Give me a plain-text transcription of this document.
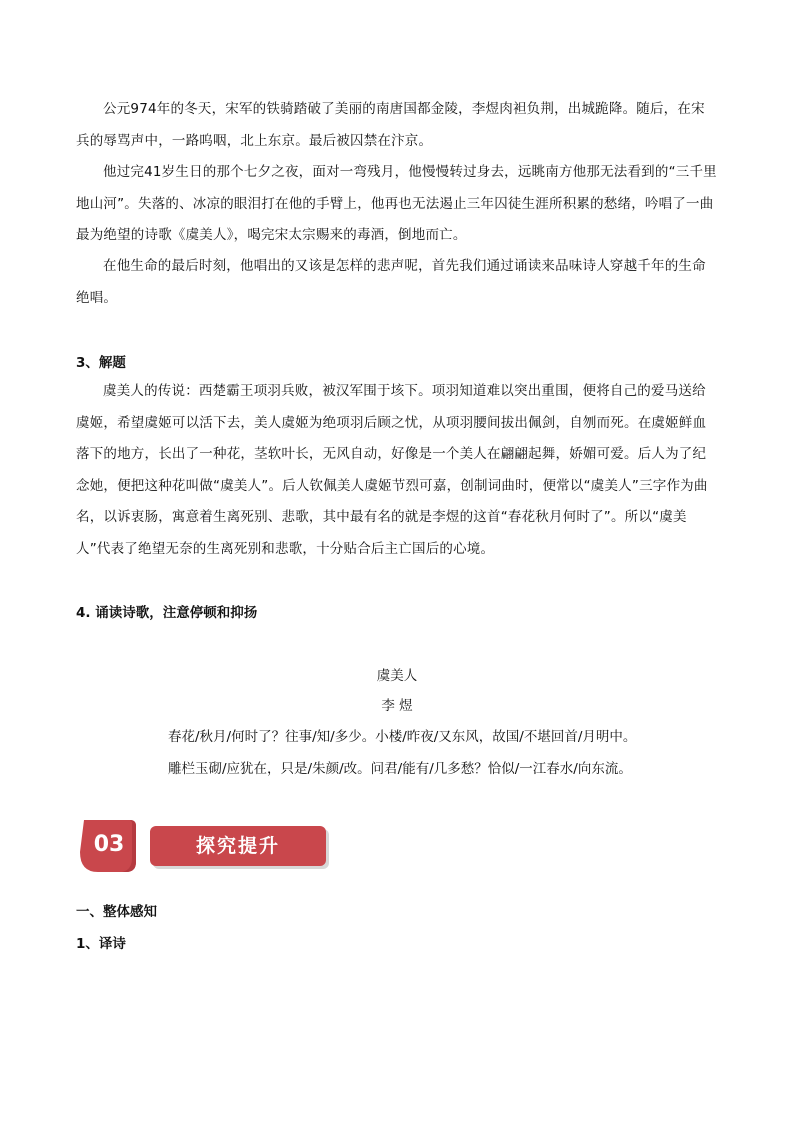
公元974年的冬天，宋军的铁骑踏破了美丽的南唐国都金陵，李煜肉袒负荆，出城跪降。随后，在宋兵的辱骂声中，一路呜咽，北上东京。最后被囚禁在汴京。

他过完41岁生日的那个七夕之夜，面对一弯残月，他慢慢转过身去，远眺南方他那无法看到的“三千里地山河”。失落的、冰凉的眼泪打在他的手臂上，他再也无法遏止三年囚徒生涯所积累的愁绪，吟唱了一曲最为绝望的诗歌《虞美人》，喝完宋太宗赐来的毒酒，倒地而亡。

在他生命的最后时刻，他唱出的又该是怎样的悲声呢，首先我们通过诵读来品味诗人穿越千年的生命绝唱。

3、解题

虞美人的传说：西楚霸王项羽兵败，被汉军围于垓下。项羽知道难以突出重围，便将自己的爱马送给虞姬，希望虞姬可以活下去，美人虞姬为绝项羽后顾之忧，从项羽腰间拔出佩剑，自刎而死。在虞姬鲜血落下的地方，长出了一种花，茎软叶长，无风自动，好像是一个美人在翩翩起舞，娇媚可爱。后人为了纪念她，便把这种花叫做“虞美人”。后人钦佩美人虞姬节烈可嘉，创制词曲时，便常以“虞美人”三字作为曲名，以诉衷肠，寓意着生离死别、悲歌，其中最有名的就是李煜的这首“春花秋月何时了”。所以“虞美人”代表了绝望无奈的生离死别和悲歌，十分贴合后主亡国后的心境。

4. 诵读诗歌，注意停顿和抑扬

虞美人

李 煜

春花/秋月/何时了？往事/知/多少。小楼/昨夜/又东风，故国/不堪回首/月明中。

雕栏玉砌/应犹在，只是/朱颜/改。问君/能有/几多愁？恰似/一江春水/向东流。

探究提升
03

一、整体感知

1、译诗
